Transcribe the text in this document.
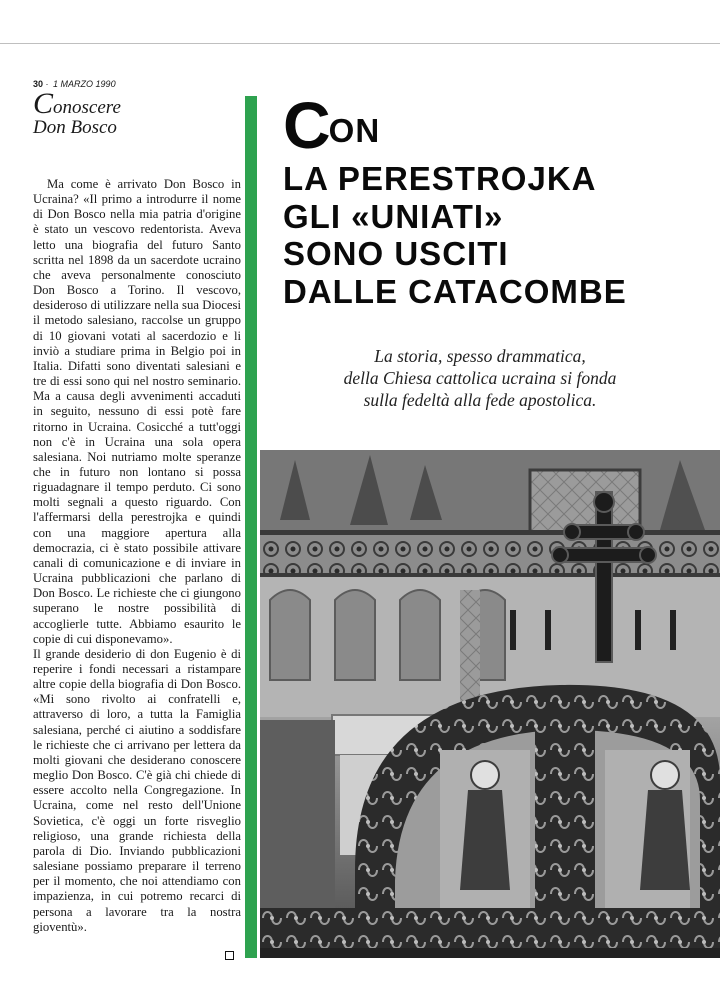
30 · 1 MARZO 1990
Conoscere
Don Bosco

Ma come è arrivato Don Bosco in Ucraina? «Il primo a introdurre il nome di Don Bosco nella mia patria d'origine è stato un vescovo redentorista. Aveva letto una biografia del futuro Santo scritta nel 1898 da un sacerdote ucraino che aveva personalmente conosciuto Don Bosco a Torino. Il vescovo, desideroso di utilizzare nella sua Diocesi il metodo salesiano, raccolse un gruppo di 10 giovani votati al sacerdozio e li inviò a studiare prima in Belgio poi in Italia. Difatti sono diventati salesiani e tre di essi sono qui nel nostro seminario. Ma a causa degli avvenimenti accaduti in seguito, nessuno di essi potè fare ritorno in Ucraina. Cosicché a tutt'oggi non c'è in Ucraina una sola opera salesiana. Noi nutriamo molte speranze che in futuro non lontano si possa riguadagnare il tempo perduto. Ci sono molti segnali a questo riguardo. Con l'affermarsi della perestrojka e quindi con una maggiore apertura alla democrazia, ci è stato possibile attivare canali di comunicazione e di inviare in Ucraina pubblicazioni che parlano di Don Bosco. Le richieste che ci giungono superano le nostre possibilità di accoglierle tutte. Abbiamo esaurito le copie di cui disponevamo».

Il grande desiderio di don Eugenio è di reperire i fondi necessari a ristampare altre copie della biografia di Don Bosco. «Mi sono rivolto ai confratelli e, attraverso di loro, a tutta la Famiglia salesiana, perché ci aiutino a soddisfare le richieste che ci arrivano per lettera da molti giovani che desiderano conoscere meglio Don Bosco. C'è già chi chiede di essere accolto nella Congregazione. In Ucraina, come nel resto dell'Unione Sovietica, c'è oggi un forte risveglio religioso, una grande richiesta della parola di Dio. Inviando pubblicazioni salesiane possiamo preparare il terreno per il momento, che noi attendiamo con impazienza, in cui potremo recarci di persona a lavorare tra la nostra gioventù».

CON
LA PERESTROJKA
GLI «UNIATI»
SONO USCITI
DALLE CATACOMBE
La storia, spesso drammatica,
della Chiesa cattolica ucraina si fonda
sulla fedeltà alla fede apostolica.
